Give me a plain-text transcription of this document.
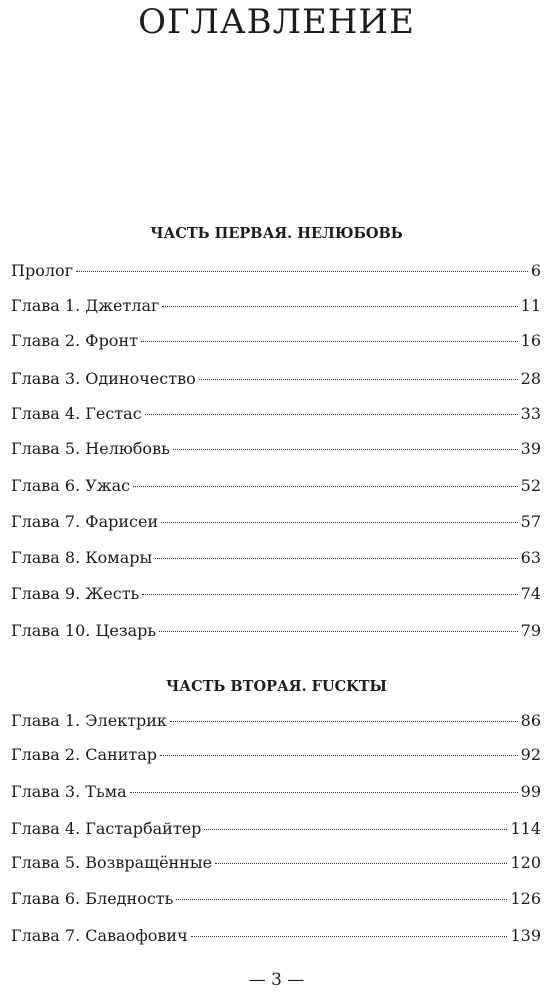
ОГЛАВЛЕНИЕ
ЧАСТЬ ПЕРВАЯ. НЕЛЮБОВЬ
Пролог	6
Глава 1. Джетлаг	11
Глава 2. Фронт	16
Глава 3. Одиночество	28
Глава 4. Гестас	33
Глава 5. Нелюбовь	39
Глава 6. Ужас	52
Глава 7. Фарисеи	57
Глава 8. Комары	63
Глава 9. Жесть	74
Глава 10. Цезарь	79
ЧАСТЬ ВТОРАЯ. FUCKТЫ
Глава 1. Электрик	86
Глава 2. Санитар	92
Глава 3. Тьма	99
Глава 4. Гастарбайтер	114
Глава 5. Возвращённые	120
Глава 6. Бледность	126
Глава 7. Саваофович	139
— 3 —
